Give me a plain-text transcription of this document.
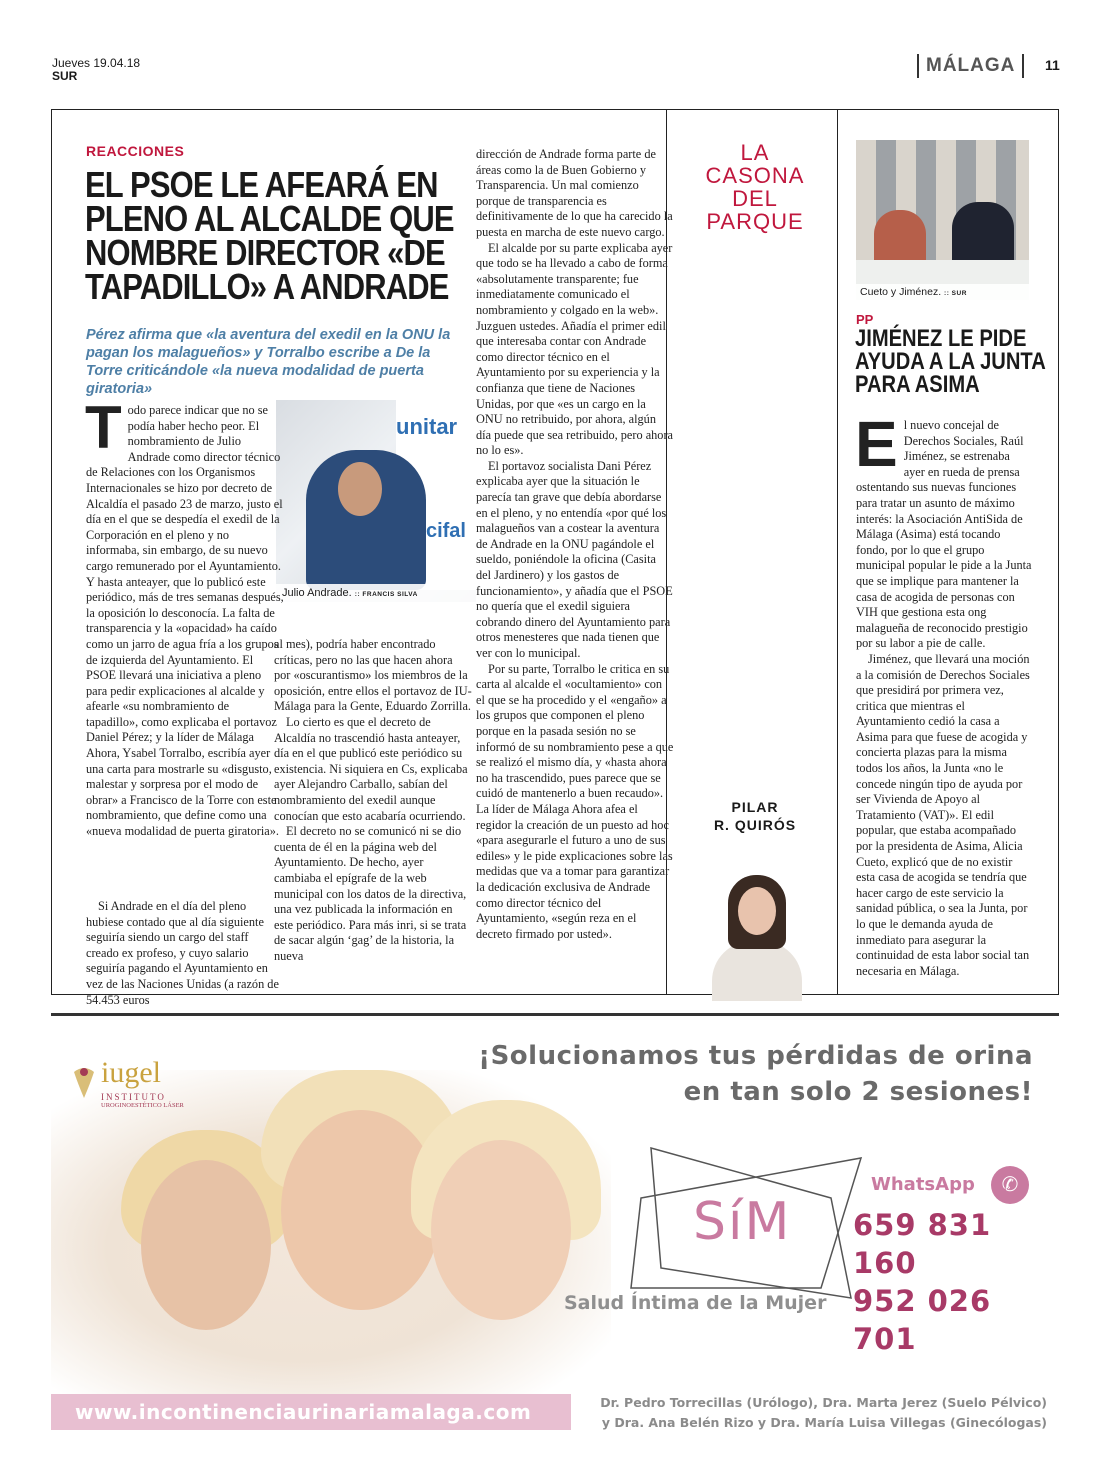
Jueves 19.04.18
SUR	MÁLAGA	11
REACCIONES
EL PSOE LE AFEARÁ EN
PLENO AL ALCALDE QUE
NOMBRE DIRECTOR «DE
TAPADILLO» A ANDRADE
Pérez afirma que «la aventura del exedil en la ONU la pagan los malagueños» y Torralbo escribe a De la Torre criticándole «la nueva modalidad de puerta giratoria»
unitar
cifal
Julio Andrade. :: FRANCIS SILVA
T odo parece indicar que no se podía haber hecho peor. El nombramiento de Julio Andrade como director técnico de Relaciones con los Organismos Internacionales se hizo por decreto de Alcaldía el pasado 23 de marzo, justo el día en el que se despedía el exedil de la Corporación en el pleno y no informaba, sin embargo, de su nuevo cargo remunerado por el Ayuntamiento. Y hasta anteayer, que lo publicó este periódico, más de tres semanas después, la oposición lo desconocía. La falta de transparencia y la «opacidad» ha caído como un jarro de agua fría a los grupos de izquierda del Ayuntamiento. El PSOE llevará una iniciativa a pleno para pedir explicaciones al alcalde y afearle «su nombramiento de tapadillo», como explicaba el portavoz Daniel Pérez; y la líder de Málaga Ahora, Ysabel Torralbo, escribía ayer una carta para mostrarle su «disgusto, malestar y sorpresa por el modo de obrar» a Francisco de la Torre con este nombramiento, que define como una «nueva modalidad de puerta giratoria».

Si Andrade en el día del pleno hubiese contado que al día siguiente seguiría siendo un cargo del staff creado ex profeso, y cuyo salario seguiría pagando el Ayuntamiento en vez de las Naciones Unidas (a razón de 54.453 euros

al mes), podría haber encontrado críticas, pero no las que hacen ahora por «oscurantismo» los miembros de la oposición, entre ellos el portavoz de IU-Málaga para la Gente, Eduardo Zorrilla.

Lo cierto es que el decreto de Alcaldía no trascendió hasta anteayer, día en el que publicó este periódico su existencia. Ni siquiera en Cs, explicaba ayer Alejandro Carballo, sabían del nombramiento del exedil aunque conocían que esto acabaría ocurriendo.

El decreto no se comunicó ni se dio cuenta de él en la página web del Ayuntamiento. De hecho, ayer cambiaba el epígrafe de la web municipal con los datos de la directiva, una vez publicada la información en este periódico. Para más inri, si se trata de sacar algún ‘gag’ de la historia, la nueva

dirección de Andrade forma parte de áreas como la de Buen Gobierno y Transparencia. Un mal comienzo porque de transparencia es definitivamente de lo que ha carecido la puesta en marcha de este nuevo cargo.

El alcalde por su parte explicaba ayer que todo se ha llevado a cabo de forma «absolutamente transparente; fue inmediatamente comunicado el nombramiento y colgado en la web». Juzguen ustedes. Añadía el primer edil que interesaba contar con Andrade como director técnico en el Ayuntamiento por su experiencia y la confianza que tiene de Naciones Unidas, por que «es un cargo en la ONU no retribuido, por ahora, algún día puede que sea retribuido, pero ahora no lo es».

El portavoz socialista Dani Pérez explicaba ayer que la situación le parecía tan grave que debía abordarse en el pleno, y no entendía «por qué los malagueños van a costear la aventura de Andrade en la ONU pagándole el sueldo, poniéndole la oficina (Casita del Jardinero) y los gastos de funcionamiento», y añadía que el PSOE no quería que el exedil siguiera cobrando dinero del Ayuntamiento para otros menesteres que nada tienen que ver con lo municipal.

Por su parte, Torralbo le critica en su carta al alcalde el «ocultamiento» con el que se ha procedido y el «engaño» a los grupos que componen el pleno porque en la pasada sesión no se informó de su nombramiento pese a que se realizó el mismo día, y «hasta ahora no ha trascendido, pues parece que se cuidó de mantenerlo a buen recaudo». La líder de Málaga Ahora afea el regidor la creación de un puesto ad hoc «para asegurarle el futuro a uno de sus ediles» y le pide explicaciones sobre las medidas que va a tomar para garantizar la dedicación exclusiva de Andrade como director técnico del Ayuntamiento, «según reza en el decreto firmado por usted».

LA
CASONA
DEL
PARQUE
PILAR
R. QUIRÓS
Cueto y Jiménez. :: SUR
PP
JIMÉNEZ LE PIDE
AYUDA A LA JUNTA
PARA ASIMA
E l nuevo concejal de Derechos Sociales, Raúl Jiménez, se estrenaba ayer en rueda de prensa ostentando sus nuevas funciones para tratar un asunto de máximo interés: la Asociación AntiSida de Málaga (Asima) está tocando fondo, por lo que el grupo municipal popular le pide a la Junta que se implique para mantener la casa de acogida de personas con VIH que gestiona esta ong malagueña de reconocido prestigio por su labor a pie de calle.

Jiménez, que llevará una moción a la comisión de Derechos Sociales que presidirá por primera vez, critica que mientras el Ayuntamiento cedió la casa a Asima para que fuese de acogida y concierta plazas para la misma todos los años, la Junta «no le concede ningún tipo de ayuda por ser Vivienda de Apoyo al Tratamiento (VAT)». El edil popular, que estaba acompañado por la presidenta de Asima, Alicia Cueto, explicó que de no existir esta casa de acogida se tendría que hacer cargo de este servicio la sanidad pública, o sea la Junta, por lo que le demanda ayuda de inmediato para asegurar la continuidad de esta labor social tan necesaria en Málaga.

iugel
INSTITUTO
UROGINOESTÉTICO LÁSER
¡Solucionamos tus pérdidas de orina
en tan solo 2 sesiones!
SíM
WhatsApp	✆
659 831 160
952 026 701
Salud Íntima de la Mujer
www.incontinenciaurinariamalaga.com	Dr. Pedro Torrecillas (Urólogo), Dra. Marta Jerez (Suelo Pélvico)
y Dra. Ana Belén Rizo y Dra. María Luisa Villegas (Ginecólogas)
